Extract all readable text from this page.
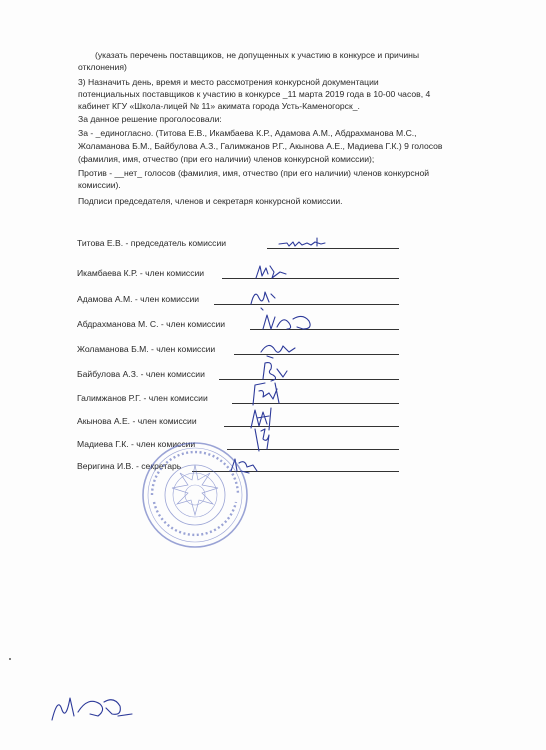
(указать перечень поставщиков, не допущенных к участию в конкурсе и причины
отклонения)
3) Назначить день, время и место рассмотрения конкурсной документации
потенциальных поставщиков к участию в конкурсе _11 марта 2019 года в 10-00 часов, 4
кабинет КГУ «Школа-лицей № 11» акимата города Усть-Каменогорск_.
За данное решение проголосовали:
За - _единогласно. (Титова Е.В., Икамбаева К.Р., Адамова А.М., Абдрахманова М.С.,
Жоламанова Б.М., Байбулова А.З., Галимжанов Р.Г., Акынова А.Е., Мадиева Г.К.) 9 голосов
(фамилия, имя, отчество (при его наличии) членов конкурсной комиссии);
Против - __нет_ голосов (фамилия, имя, отчество (при его наличии) членов конкурсной
комиссии).
Подписи председателя, членов и секретаря конкурсной комиссии.
Титова Е.В. - председатель комиссии
Икамбаева К.Р. - член комиссии
Адамова А.М. - член комиссии
Абдрахманова М. С. - член комиссии
Жоламанова Б.М. - член комиссии
Байбулова А.З. - член комиссии
Галимжанов Р.Г. - член комиссии
Акынова А.Е. - член комиссии
Мадиева Г.К. - член комиссии
Веригина И.В. - секретарь
